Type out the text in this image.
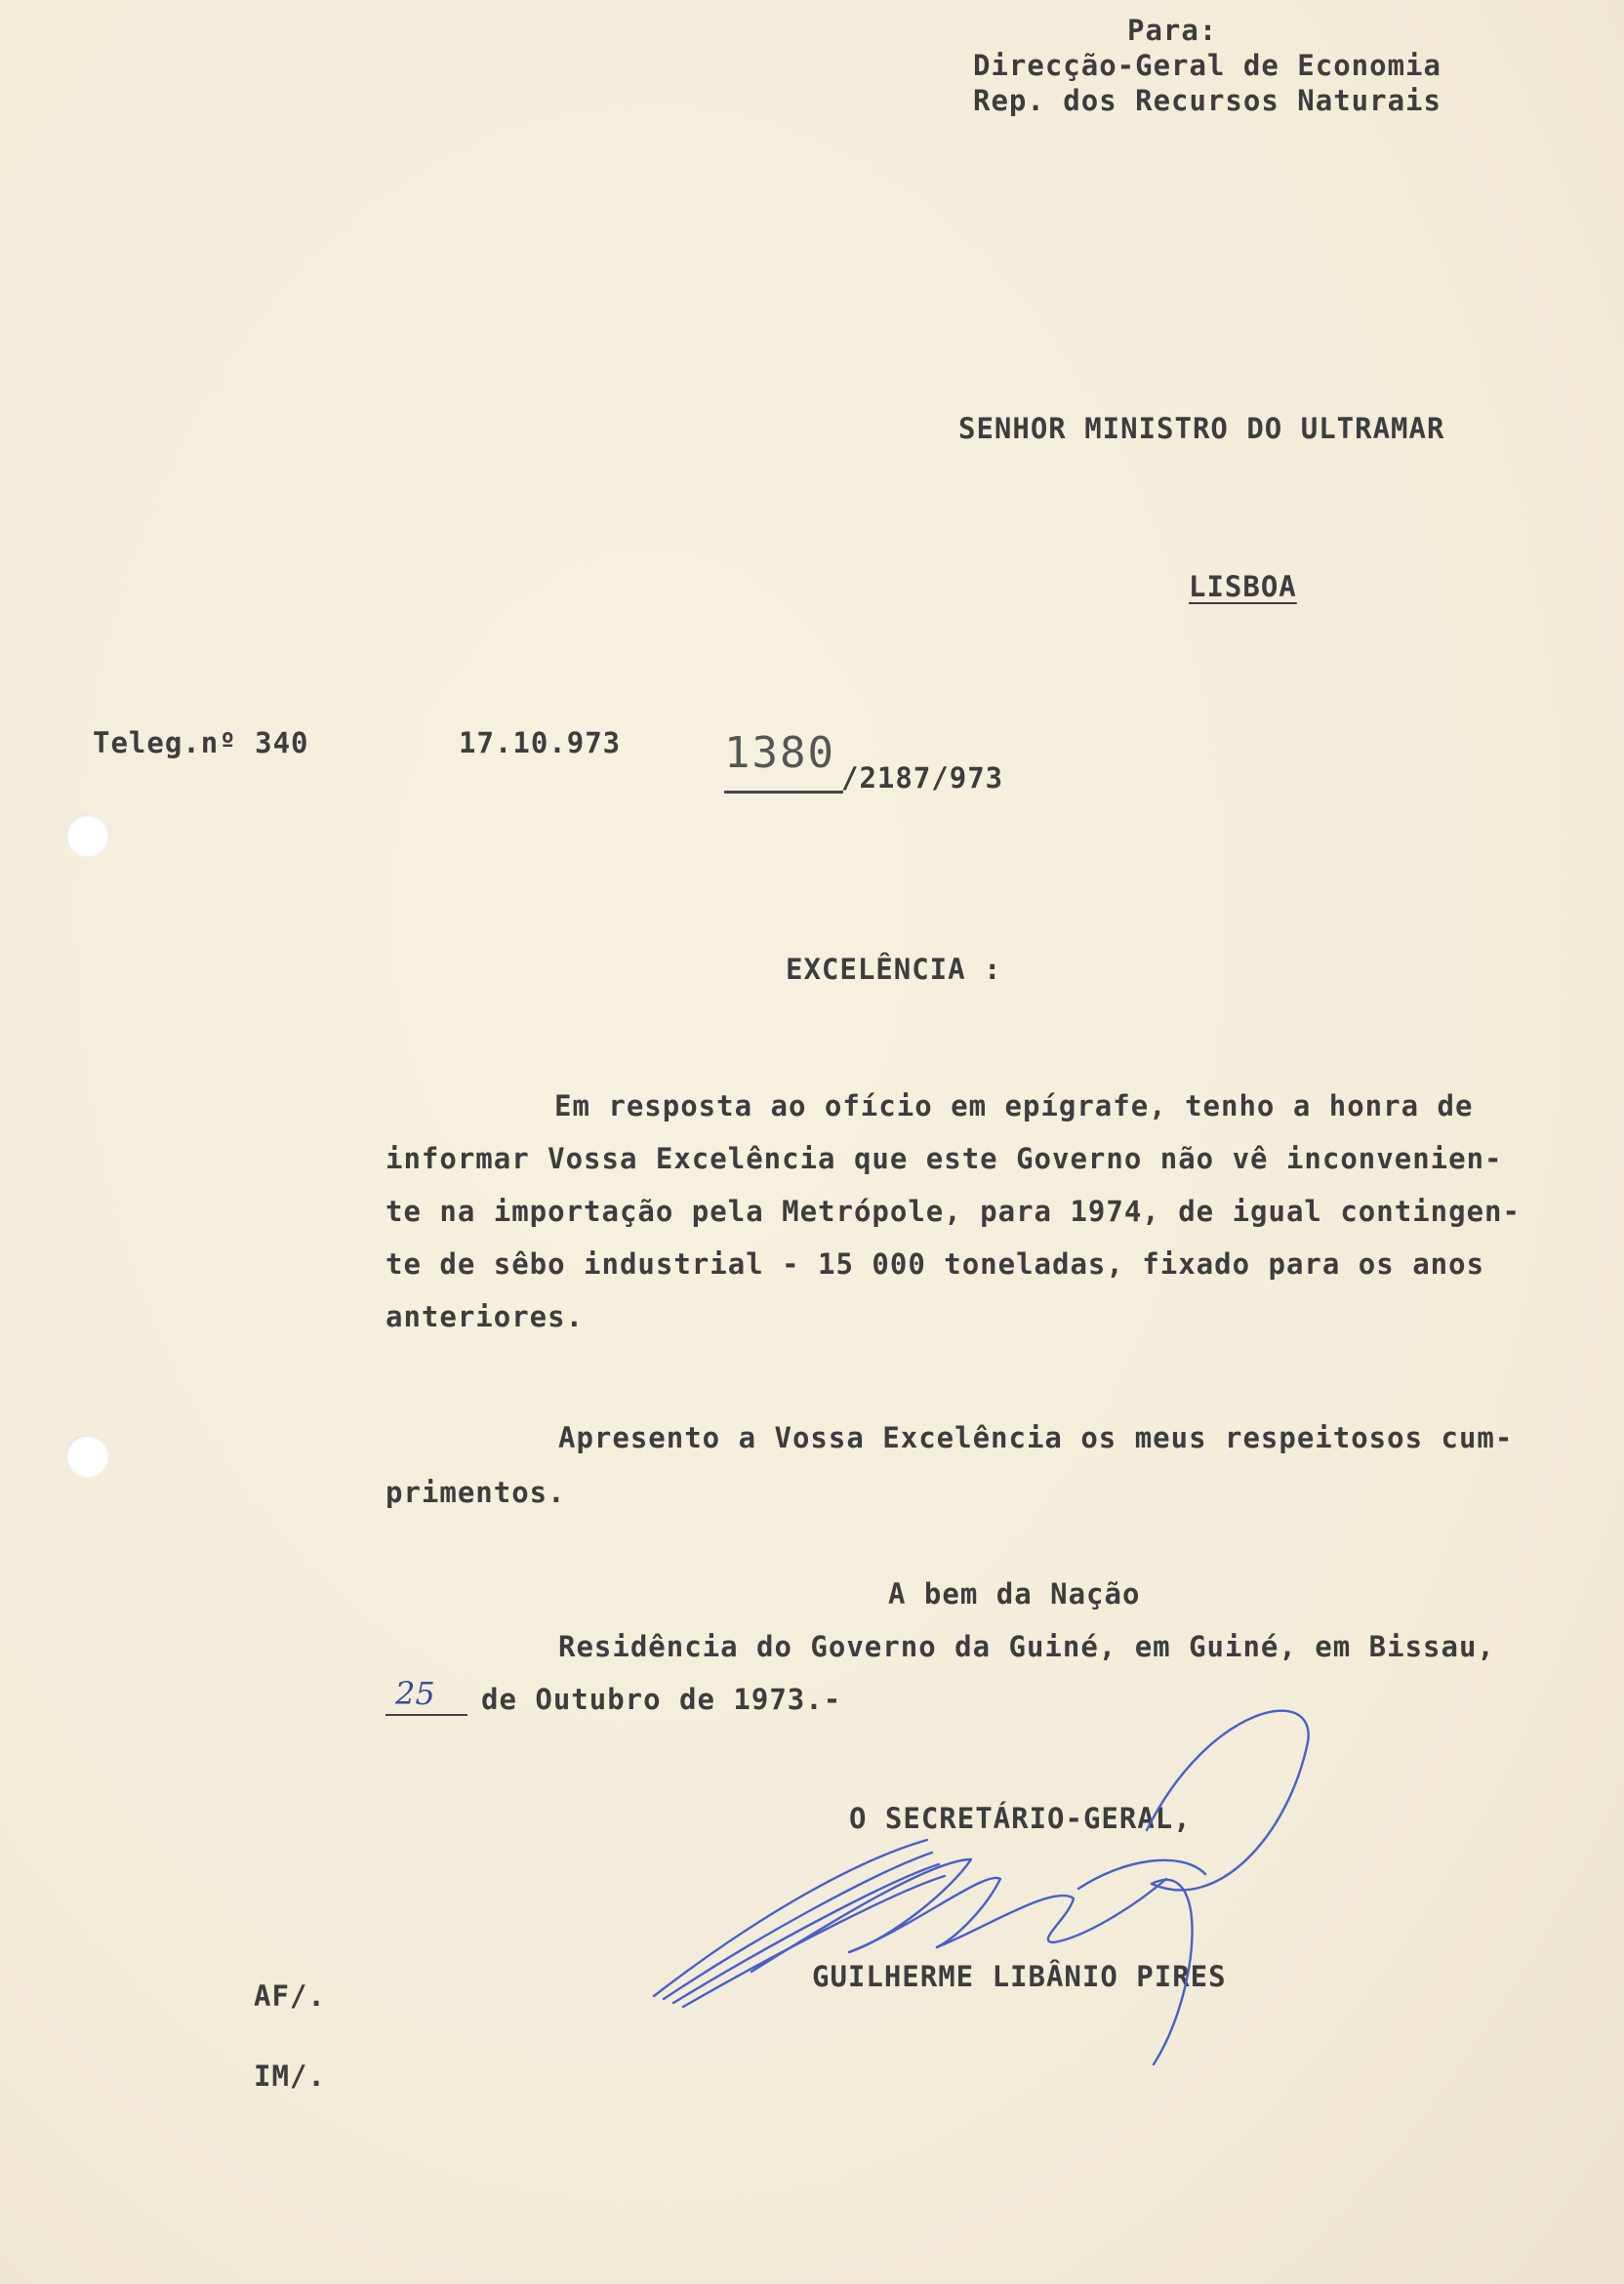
Para:
Direcção-Geral de Economia
Rep. dos Recursos Naturais
SENHOR MINISTRO DO ULTRAMAR
LISBOA
Teleg.nº 340	17.10.973 1380 /2187/973
EXCELÊNCIA :
Em resposta ao ofício em epígrafe, tenho a honra de
informar Vossa Excelência que este Governo não vê inconvenien-
te na importação pela Metrópole, para 1974, de igual contingen-
te de sêbo industrial - 15 000 toneladas, fixado para os anos
anteriores.
Apresento a Vossa Excelência os meus respeitosos cum-
primentos.
A bem da Nação
Residência do Governo da Guiné, em Guiné, em Bissau,
25 de Outubro de 1973.-
O SECRETÁRIO-GERAL,
GUILHERME LIBÂNIO PIRES
AF/.
IM/.
